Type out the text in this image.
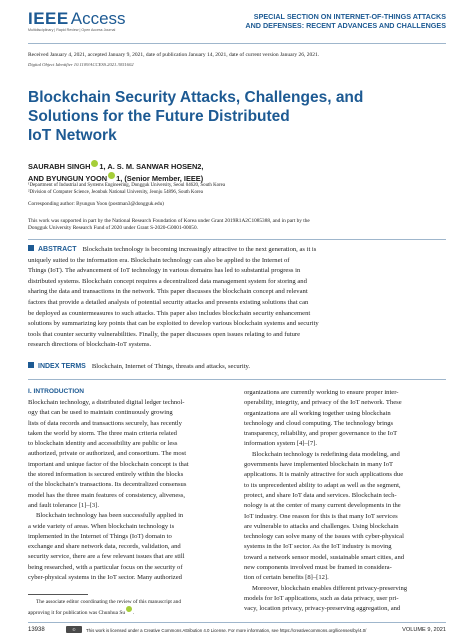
IEEE Access
Multidisciplinary | Rapid Review | Open Access Journal
SPECIAL SECTION ON INTERNET-OF-THINGS ATTACKS
AND DEFENSES: RECENT ADVANCES AND CHALLENGES
Received January 4, 2021, accepted January 9, 2021, date of publication January 14, 2021, date of current version January 26, 2021.
Digital Object Identifier 10.1109/ACCESS.2021.3051602
Blockchain Security Attacks, Challenges, and
Solutions for the Future Distributed
IoT Network
SAURABH SINGH 1, A. S. M. SANWAR HOSEN2,
AND BYUNGUN YOON 1, (Senior Member, IEEE)
¹Department of Industrial and Systems Engineering, Dongguk University, Seoul 04620, South Korea
²Division of Computer Science, Jeonbuk National University, Jeonju 54896, South Korea
Corresponding author: Byungun Yoon (postman3@dongguk.edu)
This work was supported in part by the National Research Foundation of Korea under Grant 2019R1A2C1085388, and in part by the
Dongguk University Research Fund of 2020 under Grant S-2020-G0001-00050.
ABSTRACT Blockchain technology is becoming increasingly attractive to the next generation, as it is
uniquely suited to the information era. Blockchain technology can also be applied to the Internet of
Things (IoT). The advancement of IoT technology in various domains has led to substantial progress in
distributed systems. Blockchain concept requires a decentralized data management system for storing and
sharing the data and transactions in the network. This paper discusses the blockchain concept and relevant
factors that provide a detailed analysis of potential security attacks and presents existing solutions that can
be deployed as countermeasures to such attacks. This paper also includes blockchain security enhancement
solutions by summarizing key points that can be exploited to develop various blockchain systems and security
tools that counter security vulnerabilities. Finally, the paper discusses open issues relating to and future
research directions of blockchain-IoT systems.
INDEX TERMS Blockchain, Internet of Things, threats and attacks, security.
I. INTRODUCTION
Blockchain technology, a distributed digital ledger technol-
ogy that can be used to maintain continuously growing
lists of data records and transactions securely, has recently
taken the world by storm. The three main criteria related
to blockchain identity and accessibility are public or less
authorized, private or authorized, and consortium. The most
important and unique factor of the blockchain concept is that
the stored information is secured entirely within the blocks
of the blockchain’s transactions. Its decentralized consensus
model has the three main features of consistency, aliveness,
and fault tolerance [1]–[3].
Blockchain technology has been successfully applied in
a wide variety of areas. When blockchain technology is
implemented in the Internet of Things (IoT) domain to
exchange and share network data, records, validation, and
security service, there are a few relevant issues that are still
being researched, with a particular focus on the security of
cyber-physical systems in the IoT sector. Many authorized
The associate editor coordinating the review of this manuscript and
approving it for publication was Chunhua Su .
organizations are currently working to ensure proper inter-
operability, integrity, and privacy of the IoT network. These
organizations are all working together using blockchain
technology and cloud computing. The technology brings
transparency, reliability, and proper governance to the IoT
information system [4]–[7].
Blockchain technology is redefining data modeling, and
governments have implemented blockchain in many IoT
applications. It is mainly attractive for such applications due
to its unprecedented ability to adapt as well as the segment,
protect, and share IoT data and services. Blockchain tech-
nology is at the center of many current developments in the
IoT industry. One reason for this is that many IoT services
are vulnerable to attacks and challenges. Using blockchain
technology can solve many of the issues with cyber-physical
systems in the IoT sector. As the IoT industry is moving
toward a network sensor model, sustainable smart cities, and
new components involved must be framed in considera-
tion of certain benefits [8]–[12].
Moreover, blockchain enables different privacy-preserving
models for IoT applications, such as data privacy, user pri-
vacy, location privacy, privacy-preserving aggregation, and
13938	©	This work is licensed under a Creative Commons Attribution 4.0 License. For more information, see https://creativecommons.org/licenses/by/4.0/	VOLUME 9, 2021
